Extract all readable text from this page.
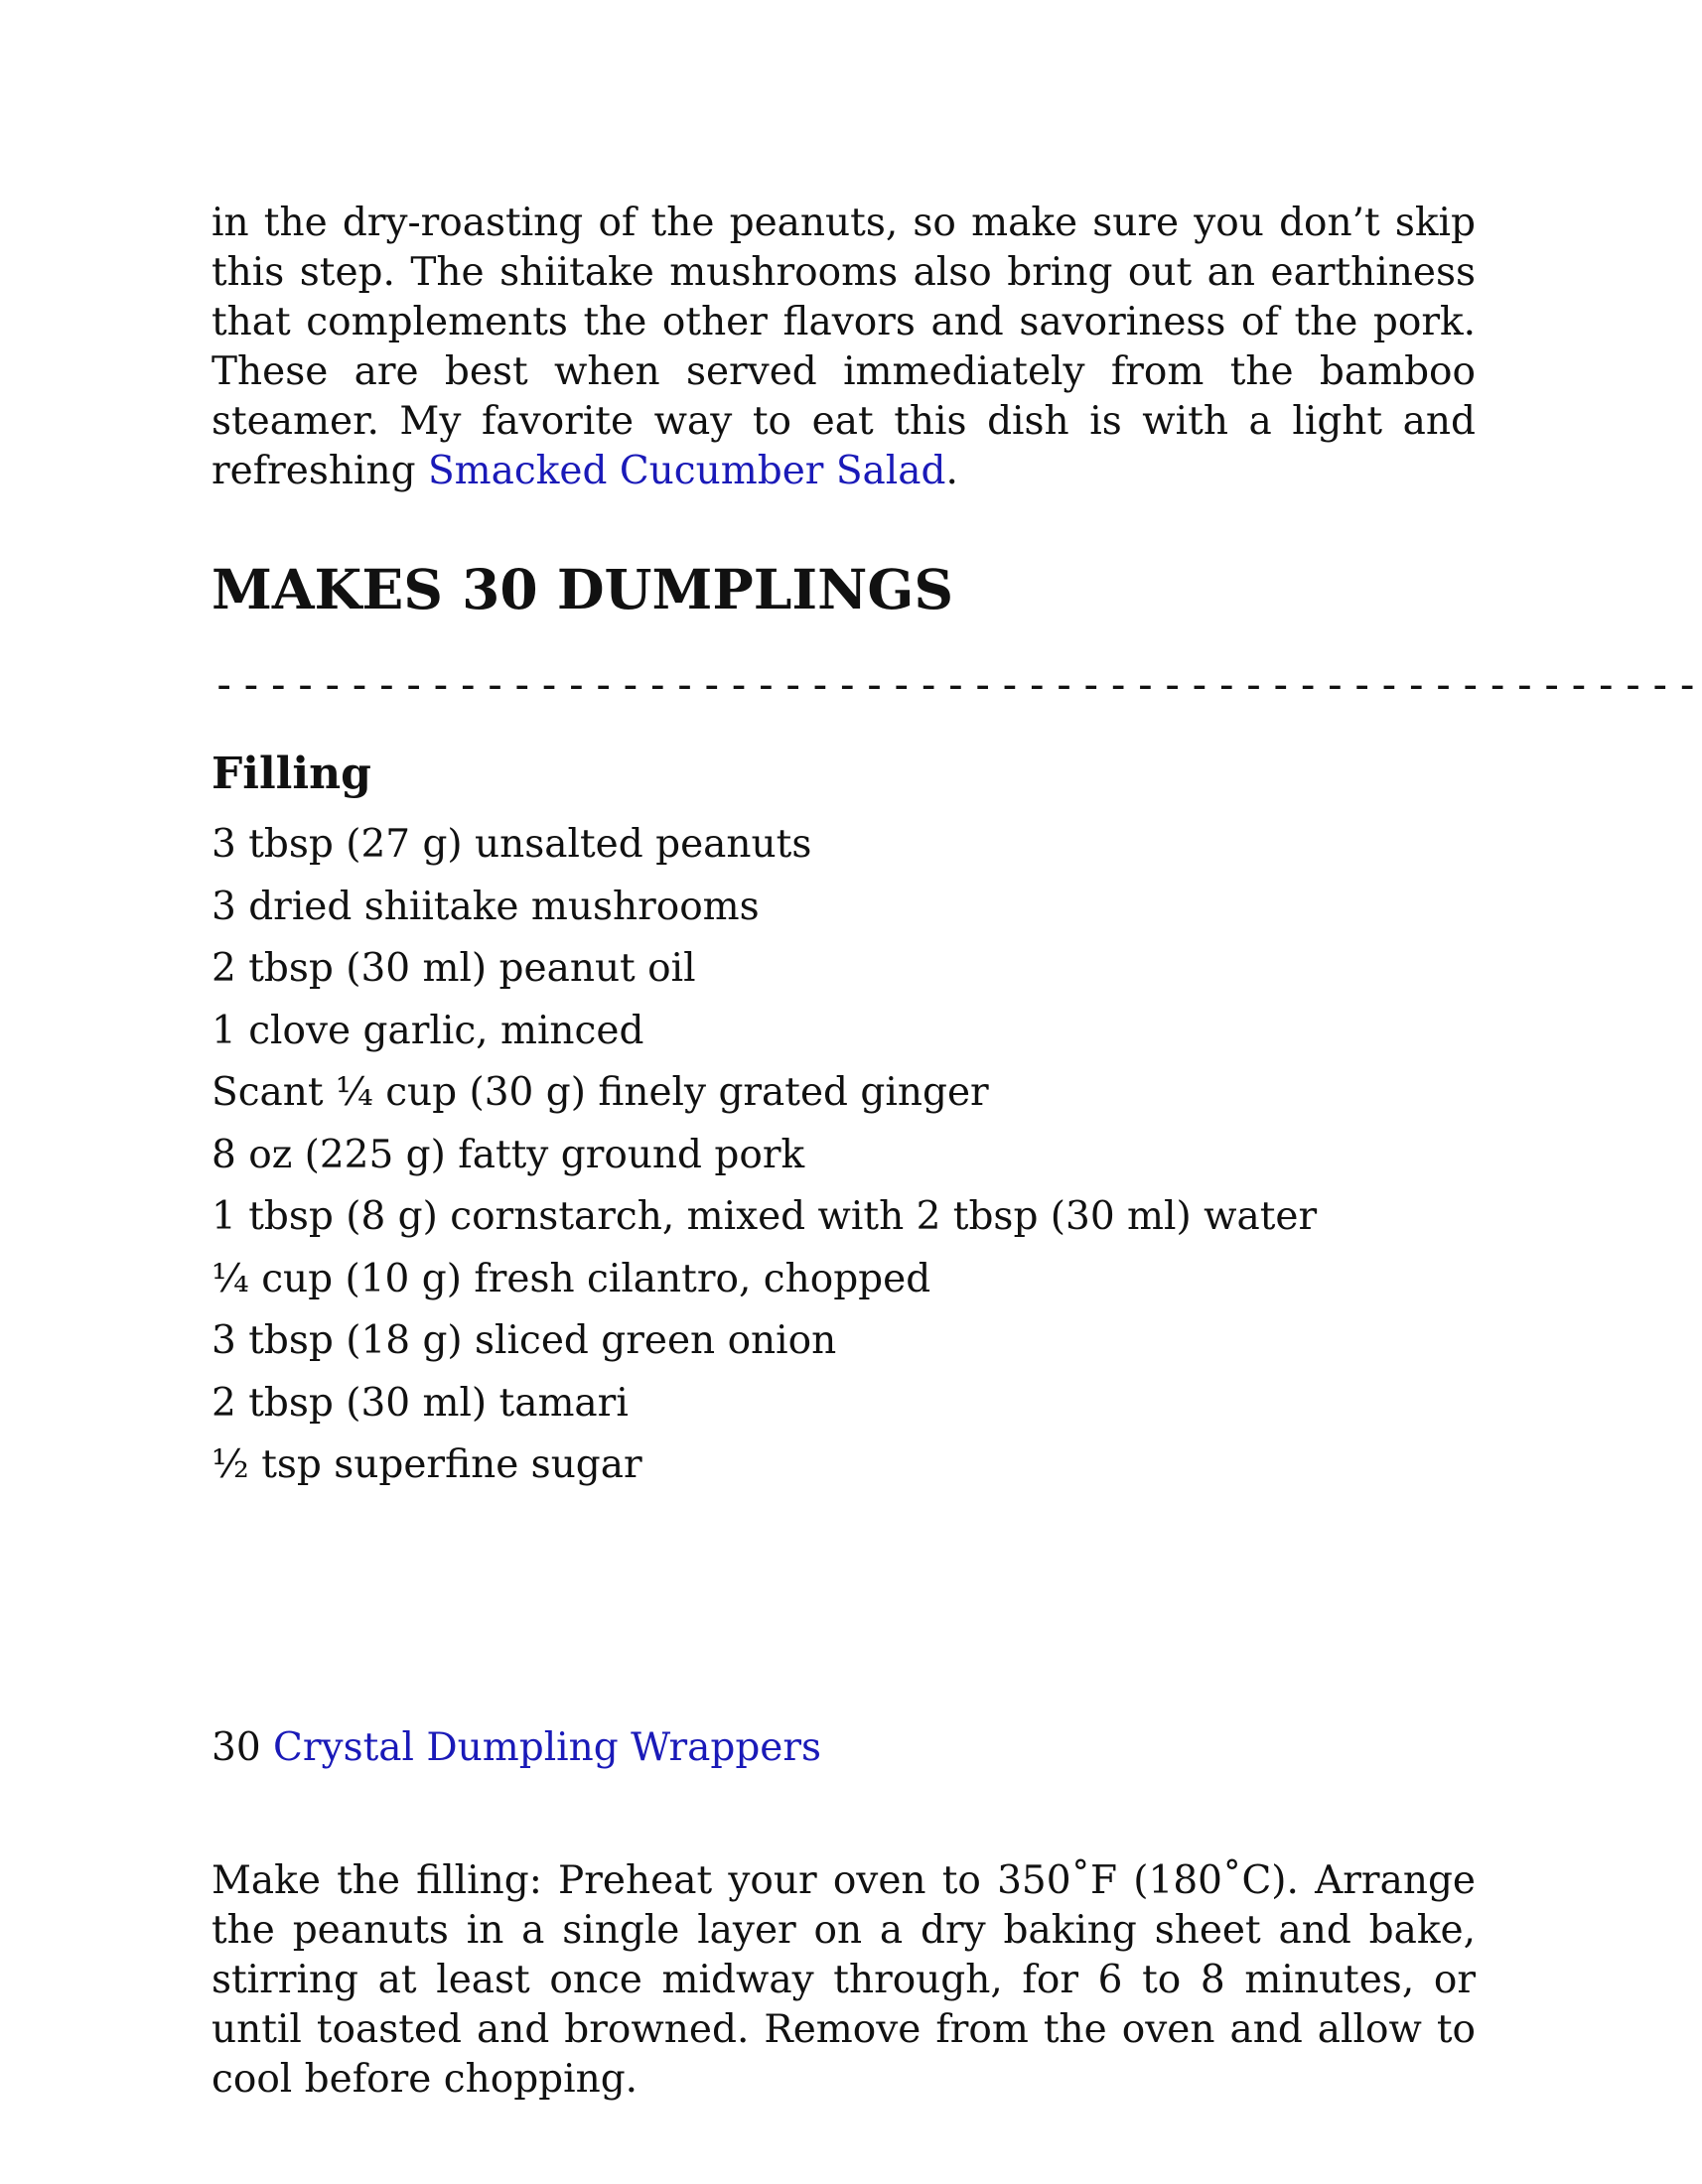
in the dry-roasting of the peanuts, so make sure you don’t skip this step. The shiitake mushrooms also bring out an earthiness that complements the other flavors and savoriness of the pork. These are best when served immediately from the bamboo steamer. My favorite way to eat this dish is with a light and refreshing Smacked Cucumber Salad.

MAKES 30 DUMPLINGS
-------------------------------------------------------
Filling
3 tbsp (27 g) unsalted peanuts
3 dried shiitake mushrooms
2 tbsp (30 ml) peanut oil
1 clove garlic, minced
Scant ¼ cup (30 g) finely grated ginger
8 oz (225 g) fatty ground pork
1 tbsp (8 g) cornstarch, mixed with 2 tbsp (30 ml) water
¼ cup (10 g) fresh cilantro, chopped
3 tbsp (18 g) sliced green onion
2 tbsp (30 ml) tamari
½ tsp superfine sugar

30 Crystal Dumpling Wrappers

Make the filling: Preheat your oven to 350˚F (180˚C). Arrange the peanuts in a single layer on a dry baking sheet and bake, stirring at least once midway through, for 6 to 8 minutes, or until toasted and browned. Remove from the oven and allow to cool before chopping.
